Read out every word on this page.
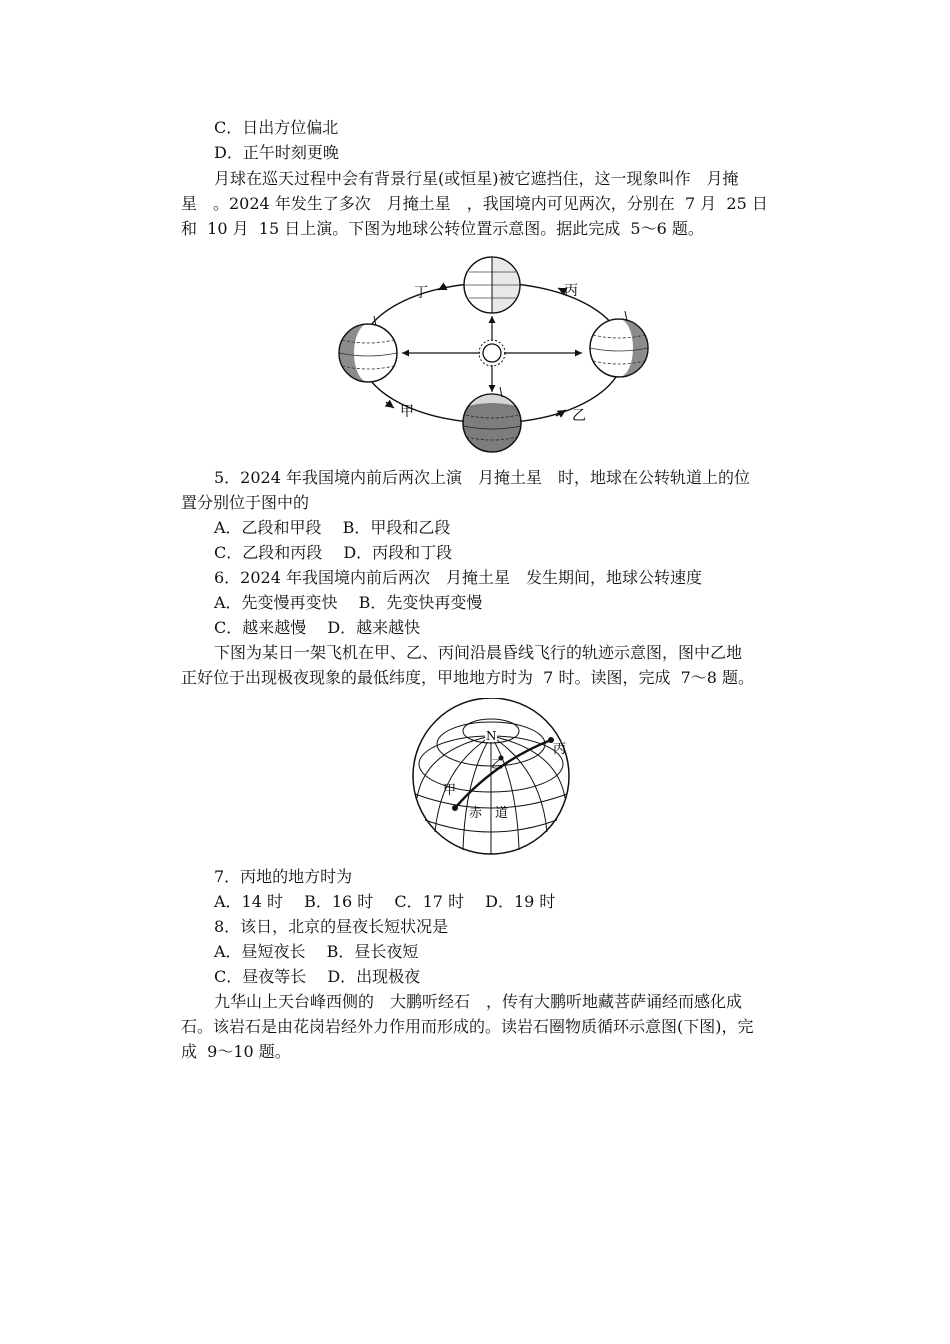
C．日出方位偏北
D．正午时刻更晚
月球在巡天过程中会有背景行星(或恒星)被它遮挡住，这一现象叫作　月掩
星　。2024 年发生了多次　月掩土星　，我国境内可见两次，分别在  7 月  25 日
和  10 月  15 日上演。下图为地球公转位置示意图。据此完成  5～6 题。
丁	丙
甲	乙
5．2024 年我国境内前后两次上演　月掩土星　时，地球在公转轨道上的位
置分别位于图中的
A．乙段和甲段　 B．甲段和乙段
C．乙段和丙段　 D．丙段和丁段
6．2024 年我国境内前后两次　月掩土星　发生期间，地球公转速度
A．先变慢再变快　 B．先变快再变慢
C．越来越慢　 D．越来越快
下图为某日一架飞机在甲、乙、丙间沿晨昏线飞行的轨迹示意图，图中乙地
正好位于出现极夜现象的最低纬度，甲地地方时为  7 时。读图，完成  7～8 题。
N
甲
乙
丙
赤　道
7．丙地的地方时为
A．14 时　 B．16 时　 C．17 时　 D．19 时
8．该日，北京的昼夜长短状况是
A．昼短夜长　 B．昼长夜短
C．昼夜等长　 D．出现极夜
九华山上天台峰西侧的　大鹏听经石　，传有大鹏听地藏菩萨诵经而感化成
石。该岩石是由花岗岩经外力作用而形成的。读岩石圈物质循环示意图(下图)，完
成  9～10 题。
